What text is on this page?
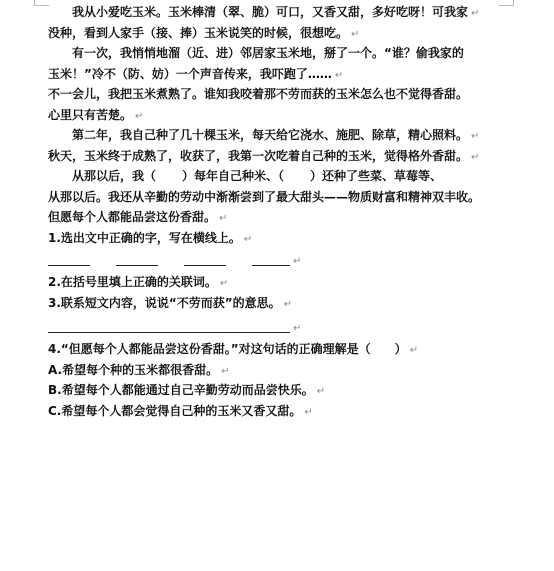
我从小爱吃玉米。玉米棒清（翠、脆）可口，又香又甜，多好吃呀！可我家 ↵
没种，看到人家手（接、捧）玉米说笑的时候，很想吃。 ↵
有一次，我悄悄地溜（近、进）邻居家玉米地，掰了一个。“谁？偷我家的
玉米！”冷不（防、妨）一个声音传来，我吓跑了…… ↵
不一会儿，我把玉米煮熟了。谁知我咬着那不劳而获的玉米怎么也不觉得香甜。
心里只有苦楚。 ↵
第二年，我自己种了几十棵玉米，每天给它浇水、施肥、除草，精心照料。 ↵
秋天，玉米终于成熟了，收获了，我第一次吃着自己种的玉米，觉得格外香甜。 ↵
从那以后，我（ ）每年自己种米、（ ）还种了些菜、草莓等、
从那以后。我还从辛勤的劳动中渐渐尝到了最大甜头——物质财富和精神双丰收。
但愿每个人都能品尝这份香甜。 ↵
1.选出文中正确的字，写在横线上。 ↵
↵
2.在括号里填上正确的关联词。 ↵
3.联系短文内容，说说“不劳而获”的意思。 ↵
↵
4.“但愿每个人都能品尝这份香甜。”对这句话的正确理解是（　　） ↵
A.希望每个种的玉米都很香甜。 ↵
B.希望每个人都能通过自己辛勤劳动而品尝快乐。 ↵
C.希望每个人都会觉得自己种的玉米又香又甜。 ↵
